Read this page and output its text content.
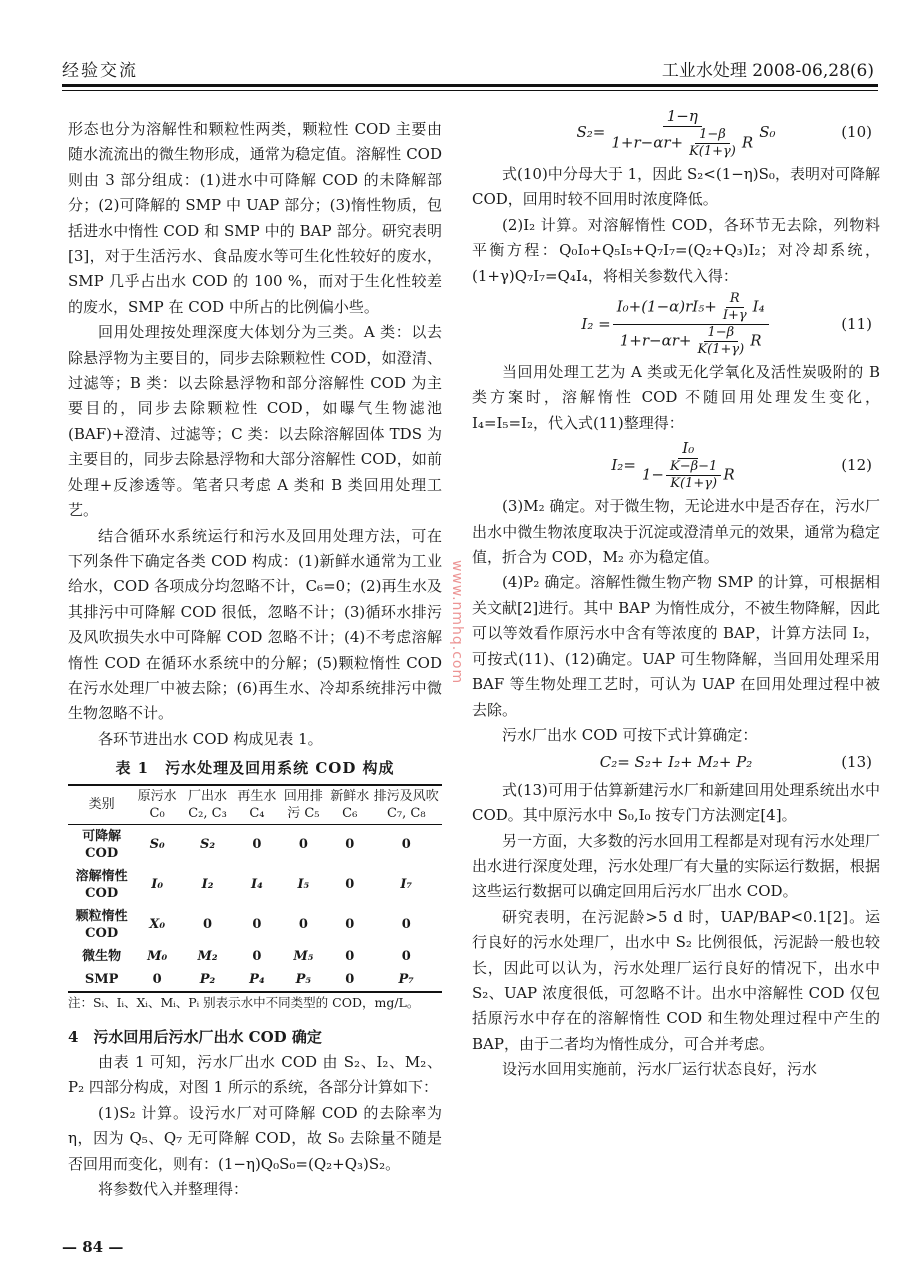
经验交流	工业水处理 2008-06,28(6)

形态也分为溶解性和颗粒性两类，颗粒性 COD 主要由随水流流出的微生物形成，通常为稳定值。溶解性 COD 则由 3 部分组成：(1)进水中可降解 COD 的未降解部分；(2)可降解的 SMP 中 UAP 部分；(3)惰性物质，包括进水中惰性 COD 和 SMP 中的 BAP 部分。研究表明[3]，对于生活污水、食品废水等可生化性较好的废水，SMP 几乎占出水 COD 的 100 %，而对于生化性较差的废水，SMP 在 COD 中所占的比例偏小些。

回用处理按处理深度大体划分为三类。A 类：以去除悬浮物为主要目的，同步去除颗粒性 COD，如澄清、过滤等；B 类：以去除悬浮物和部分溶解性 COD 为主要目的，同步去除颗粒性 COD，如曝气生物滤池(BAF)+澄清、过滤等；C 类：以去除溶解固体 TDS 为主要目的，同步去除悬浮物和大部分溶解性 COD，如前处理+反渗透等。笔者只考虑 A 类和 B 类回用处理工艺。

结合循环水系统运行和污水及回用处理方法，可在下列条件下确定各类 COD 构成：(1)新鲜水通常为工业给水，COD 各项成分均忽略不计，C₆=0；(2)再生水及其排污中可降解 COD 很低，忽略不计；(3)循环水排污及风吹损失水中可降解 COD 忽略不计；(4)不考虑溶解惰性 COD 在循环水系统中的分解；(5)颗粒惰性 COD 在污水处理厂中被去除；(6)再生水、冷却系统排污中微生物忽略不计。

各环节进出水 COD 构成见表 1。

表 1　污水处理及回用系统 COD 构成
类别	原污水 C₀	厂出水 C₂, C₃	再生水 C₄	回用排污 C₅	新鲜水 C₆	排污及风吹 C₇, C₈
可降解 COD	S₀	S₂	0	0	0	0
溶解惰性 COD	I₀	I₂	I₄	I₅	0	I₇
颗粒惰性 COD	X₀	0	0	0	0	0
微生物	M₀	M₂	0	M₅	0	0
SMP	0	P₂	P₄	P₅	0	P₇

注：Sᵢ、Iᵢ、Xᵢ、Mᵢ、Pᵢ 别表示水中不同类型的 COD，mg/L。

4　污水回用后污水厂出水 COD 确定

由表 1 可知，污水厂出水 COD 由 S₂、I₂、M₂、P₂ 四部分构成，对图 1 所示的系统，各部分计算如下：

(1)S₂ 计算。设污水厂对可降解 COD 的去除率为 η，因为 Q₅、Q₇ 无可降解 COD，故 S₀ 去除量不随是否回用而变化，则有：(1−η)Q₀S₀=(Q₂+Q₃)S₂。

将参数代入并整理得：

$S_2= \frac{1-\eta}{1+r-\alpha r+ \frac{1-\beta}{K(1+\gamma)} R} S_0$	(10)

式(10)中分母大于 1，因此 S₂<(1−η)S₀，表明对可降解 COD，回用时较不回用时浓度降低。

(2)I₂ 计算。对溶解惰性 COD，各环节无去除，列物料平衡方程：Q₀I₀+Q₅I₅+Q₇I₇=(Q₂+Q₃)I₂；对冷却系统，(1+γ)Q₇I₇=Q₄I₄，将相关参数代入得：

$I_2 = \frac{I_0+(1-\alpha)rI_5+ \frac{R}{I+\gamma} I_4}{1+r-\alpha r+ \frac{1-\beta}{K(1+\gamma)} R}$	(11)

当回用处理工艺为 A 类或无化学氧化及活性炭吸附的 B 类方案时，溶解惰性 COD 不随回用处理发生变化，I₄=I₅=I₂，代入式(11)整理得：

$I_2= \frac{\text{I₀}}{1- \frac{K-\beta-1}{K(1+\gamma)} R}$	(12)

(3)M₂ 确定。对于微生物，无论进水中是否存在，污水厂出水中微生物浓度取决于沉淀或澄清单元的效果，通常为稳定值，折合为 COD，M₂ 亦为稳定值。

(4)P₂ 确定。溶解性微生物产物 SMP 的计算，可根据相关文献[2]进行。其中 BAP 为惰性成分，不被生物降解，因此可以等效看作原污水中含有等浓度的 BAP，计算方法同 I₂，可按式(11)、(12)确定。UAP 可生物降解，当回用处理采用 BAF 等生物处理工艺时，可认为 UAP 在回用处理过程中被去除。

污水厂出水 COD 可按下式计算确定：

C₂= S₂+ I₂+ M₂+ P₂	(13)

式(13)可用于估算新建污水厂和新建回用处理系统出水中 COD。其中原污水中 S₀,I₀ 按专门方法测定[4]。

另一方面，大多数的污水回用工程都是对现有污水处理厂出水进行深度处理，污水处理厂有大量的实际运行数据，根据这些运行数据可以确定回用后污水厂出水 COD。

研究表明，在污泥龄>5 d 时，UAP/BAP<0.1[2]。运行良好的污水处理厂，出水中 S₂ 比例很低，污泥龄一般也较长，因此可以认为，污水处理厂运行良好的情况下，出水中 S₂、UAP 浓度很低，可忽略不计。出水中溶解性 COD 仅包括原污水中存在的溶解惰性 COD 和生物处理过程中产生的 BAP，由于二者均为惰性成分，可合并考虑。

设污水回用实施前，污水厂运行状态良好，污水

www.nmhq.com
— 84 —
